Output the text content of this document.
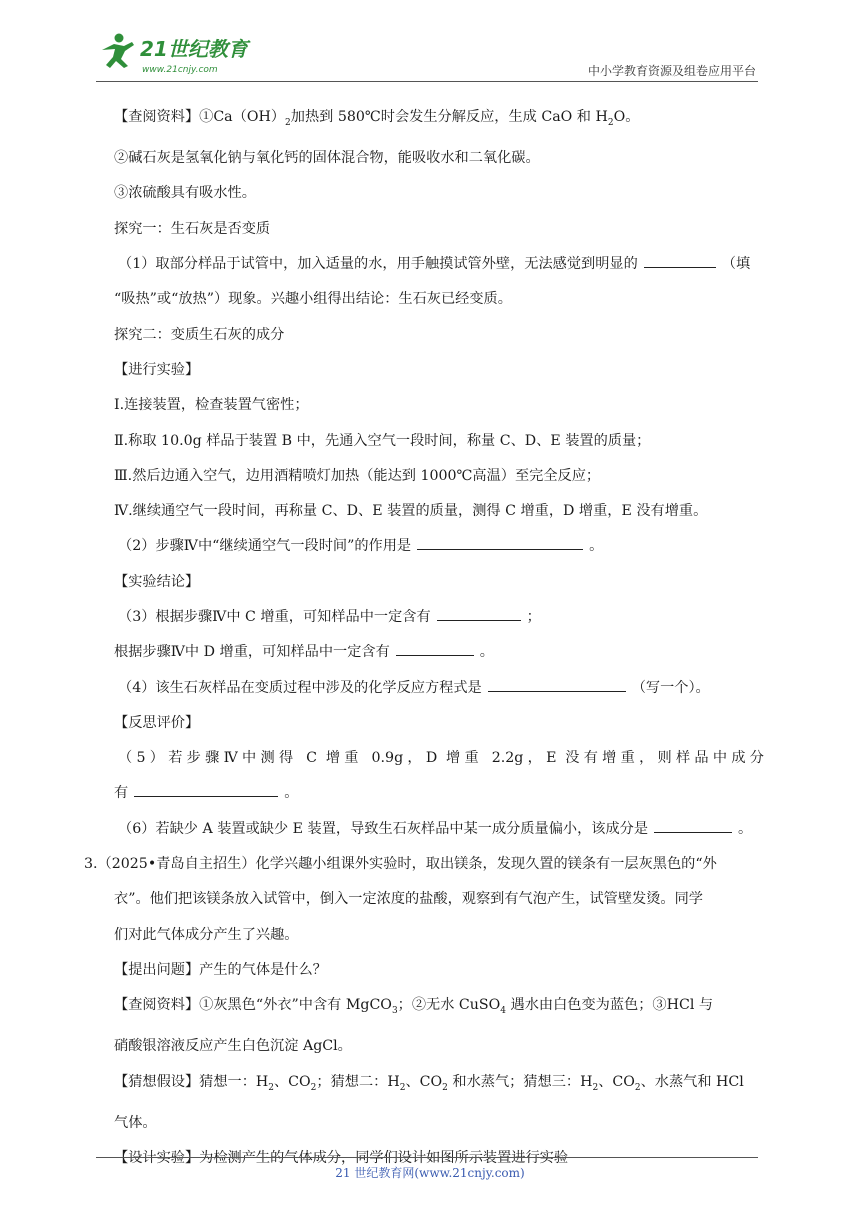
21世纪教育
www.21cnjy.com	中小学教育资源及组卷应用平台
【查阅资料】$①Ca(OH)_2$加热到 580℃时会发生分解反应，生成 CaO 和 $H_2O$。
②碱石灰是氢氧化钠与氧化钙的固体混合物，能吸收水和二氧化碳。
③浓硫酸具有吸水性。
探究一：生石灰是否变质
（1）取部分样品于试管中，加入适量的水，用手触摸试管外壁，无法感觉到明显的	（填
“吸热”或“放热”）现象。兴趣小组得出结论：生石灰已经变质。
探究二：变质生石灰的成分
【进行实验】
Ⅰ.连接装置，检查装置气密性；
Ⅱ.称取 10.0g 样品于装置 B 中，先通入空气一段时间，称量 C、D、E 装置的质量；
Ⅲ.然后边通入空气，边用酒精喷灯加热（能达到 1000℃高温）至完全反应；
Ⅳ.继续通空气一段时间，再称量 C、D、E 装置的质量，测得 C 增重，D 增重，E 没有增重。
（2）步骤Ⅳ中“继续通空气一段时间”的作用是	。
【实验结论】
（3）根据步骤Ⅳ中 C 增重，可知样品中一定含有	；
根据步骤Ⅳ中 D 增重，可知样品中一定含有	。
（4）该生石灰样品在变质过程中涉及的化学反应方程式是	（写一个）。
【反思评价】
（5）若步骤Ⅳ中测得 C 增重 0.9g，D 增重 2.2g，E 没有增重，则样品中成分
有	。
（6）若缺少 A 装置或缺少 E 装置，导致生石灰样品中某一成分质量偏小，该成分是	。
3.（2025•青岛自主招生）化学兴趣小组课外实验时，取出镁条，发现久置的镁条有一层灰黑色的“外
衣”。他们把该镁条放入试管中，倒入一定浓度的盐酸，观察到有气泡产生，试管壁发烫。同学
们对此气体成分产生了兴趣。
【提出问题】产生的气体是什么？
【查阅资料】①灰黑色“外衣”中含有 MgCO$_3$；②无水 CuSO$_4$ 遇水由白色变为蓝色；③HCl 与
硝酸银溶液反应产生白色沉淀 AgCl。
【猜想假设】猜想一：$H_2$、$CO_2$；猜想二：$H_2$、$CO_2$ 和水蒸气；猜想三：$H_2$、$CO_2$、水蒸气和 HCl
气体。
【设计实验】为检测产生的气体成分，同学们设计如图所示装置进行实验
21 世纪教育网(www.21cnjy.com)
